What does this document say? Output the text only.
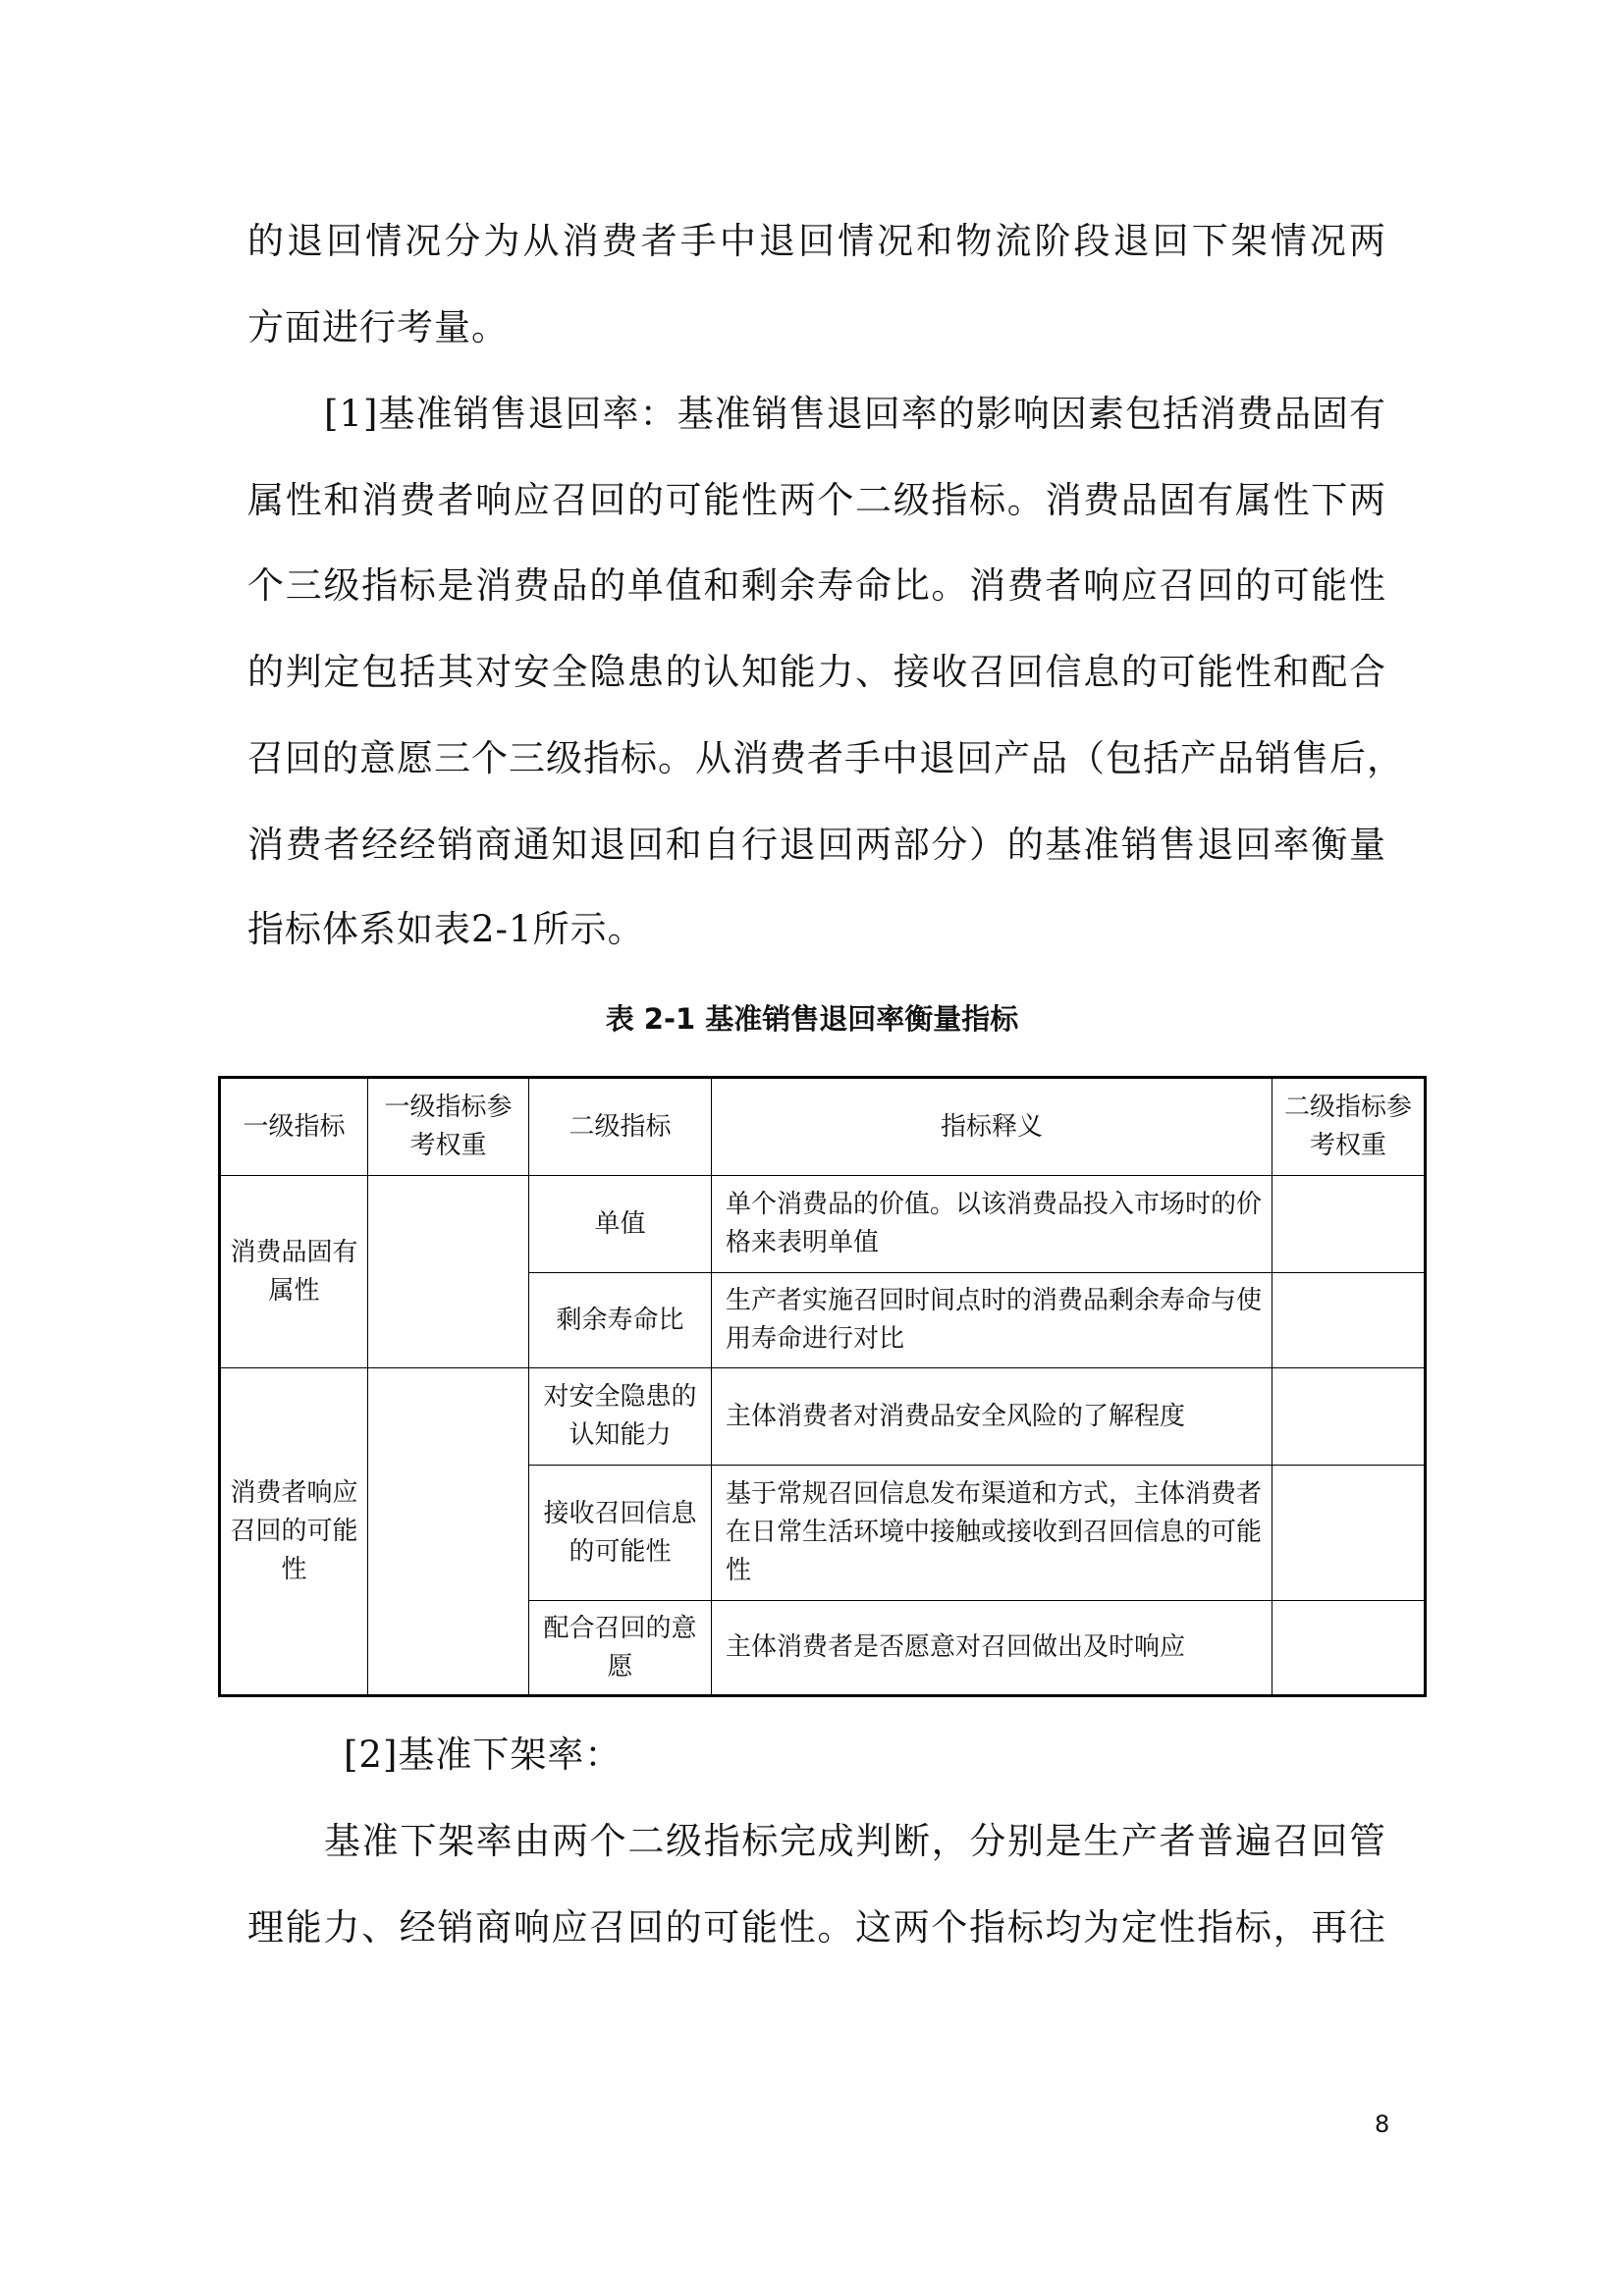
的退回情况分为从消费者手中退回情况和物流阶段退回下架情况两
方面进行考量。
[1]基准销售退回率：基准销售退回率的影响因素包括消费品固有
属性和消费者响应召回的可能性两个二级指标。消费品固有属性下两
个三级指标是消费品的单值和剩余寿命比。消费者响应召回的可能性
的判定包括其对安全隐患的认知能力、接收召回信息的可能性和配合
召回的意愿三个三级指标。从消费者手中退回产品（包括产品销售后，
消费者经经销商通知退回和自行退回两部分）的基准销售退回率衡量
指标体系如表2-1所示。
表 2-1 基准销售退回率衡量指标
一级指标	一级指标参考权重	二级指标	指标释义	二级指标参考权重
消费品固有属性		单值	单个消费品的价值。以该消费品投入市场时的价格来表明单值	
		剩余寿命比	生产者实施召回时间点时的消费品剩余寿命与使用寿命进行对比	
消费者响应召回的可能性		对安全隐患的认知能力	主体消费者对消费品安全风险的了解程度	
		接收召回信息的可能性	基于常规召回信息发布渠道和方式，主体消费者在日常生活环境中接触或接收到召回信息的可能性	
		配合召回的意愿	主体消费者是否愿意对召回做出及时响应	
[2]基准下架率：
基准下架率由两个二级指标完成判断，分别是生产者普遍召回管
理能力、经销商响应召回的可能性。这两个指标均为定性指标，再往
8
